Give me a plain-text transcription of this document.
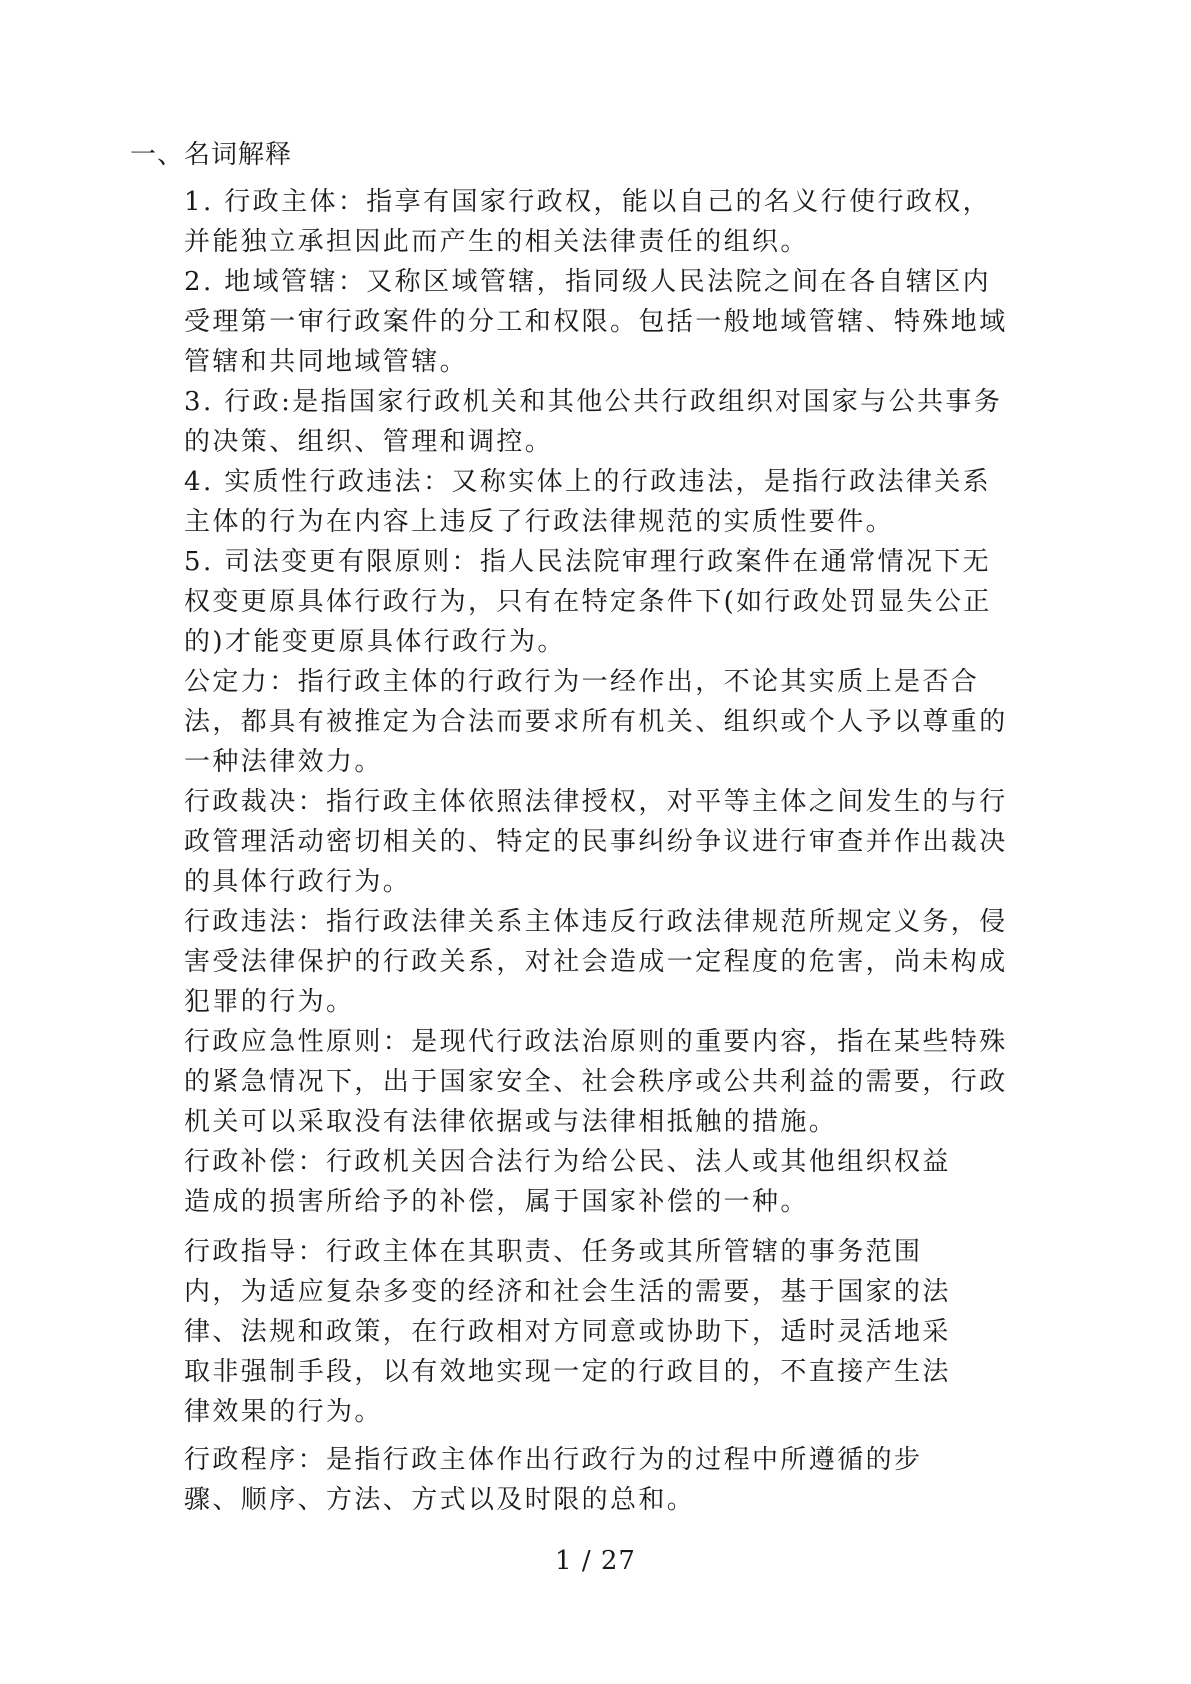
一、名词解释
1. 行政主体：指享有国家行政权，能以自己的名义行使行政权，
并能独立承担因此而产生的相关法律责任的组织。
2. 地域管辖：又称区域管辖，指同级人民法院之间在各自辖区内
受理第一审行政案件的分工和权限。包括一般地域管辖、特殊地域
管辖和共同地域管辖。
3. 行政:是指国家行政机关和其他公共行政组织对国家与公共事务
的决策、组织、管理和调控。
4. 实质性行政违法：又称实体上的行政违法，是指行政法律关系
主体的行为在内容上违反了行政法律规范的实质性要件。
5. 司法变更有限原则：指人民法院审理行政案件在通常情况下无
权变更原具体行政行为，只有在特定条件下(如行政处罚显失公正
的)才能变更原具体行政行为。
公定力：指行政主体的行政行为一经作出，不论其实质上是否合
法，都具有被推定为合法而要求所有机关、组织或个人予以尊重的
一种法律效力。
行政裁决：指行政主体依照法律授权，对平等主体之间发生的与行
政管理活动密切相关的、特定的民事纠纷争议进行审查并作出裁决
的具体行政行为。
行政违法：指行政法律关系主体违反行政法律规范所规定义务，侵
害受法律保护的行政关系，对社会造成一定程度的危害，尚未构成
犯罪的行为。
行政应急性原则：是现代行政法治原则的重要内容，指在某些特殊
的紧急情况下，出于国家安全、社会秩序或公共利益的需要，行政
机关可以采取没有法律依据或与法律相抵触的措施。
行政补偿：行政机关因合法行为给公民、法人或其他组织权益
造成的损害所给予的补偿，属于国家补偿的一种。
行政指导：行政主体在其职责、任务或其所管辖的事务范围
内，为适应复杂多变的经济和社会生活的需要，基于国家的法
律、法规和政策，在行政相对方同意或协助下，适时灵活地采
取非强制手段，以有效地实现一定的行政目的，不直接产生法
律效果的行为。
行政程序：是指行政主体作出行政行为的过程中所遵循的步
骤、顺序、方法、方式以及时限的总和。
1 / 27
